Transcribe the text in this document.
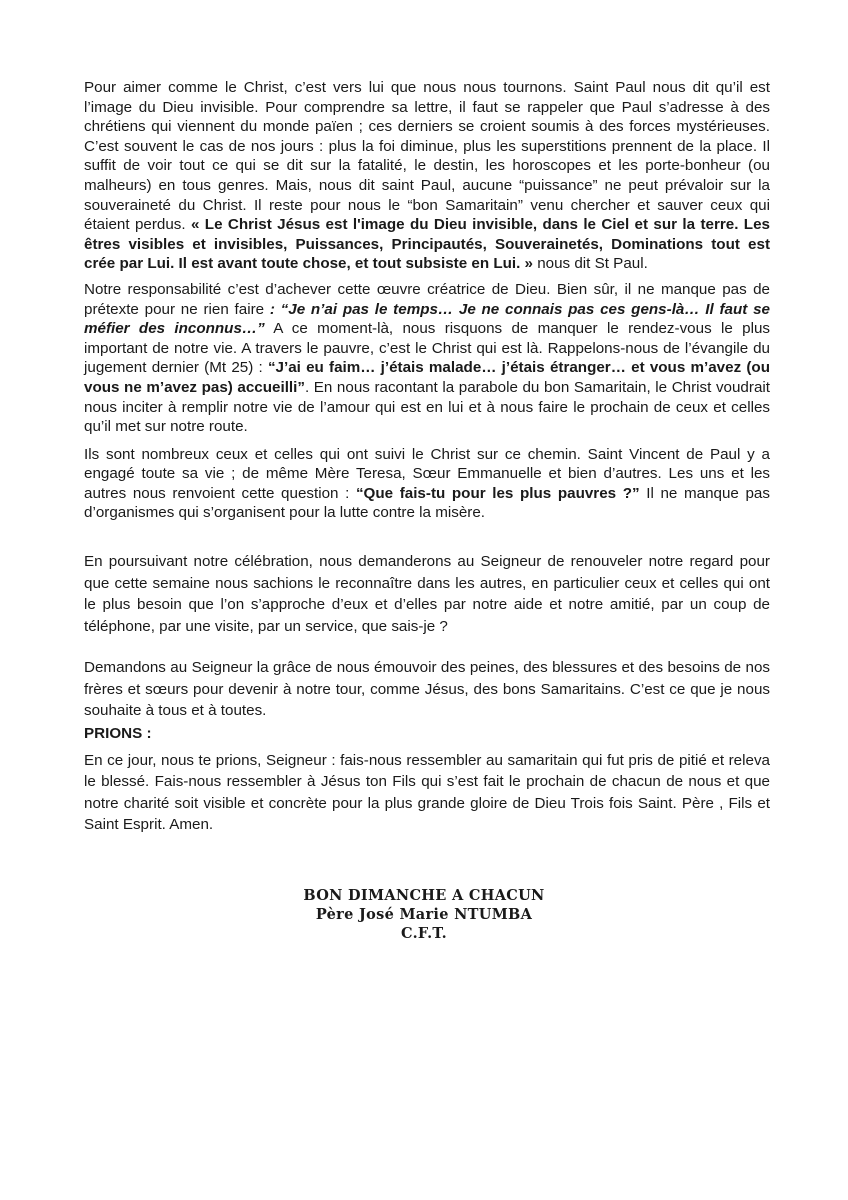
Pour aimer comme le Christ, c’est vers lui que nous nous tournons. Saint Paul nous dit qu’il est l’image du Dieu invisible. Pour comprendre sa lettre, il faut se rappeler que Paul s’adresse à des chrétiens qui viennent du monde païen ; ces derniers se croient soumis à des forces mystérieuses. C’est souvent le cas de nos jours : plus la foi diminue, plus les superstitions prennent de la place. Il suffit de voir tout ce qui se dit sur la fatalité, le destin, les horoscopes et les porte-bonheur (ou malheurs) en tous genres. Mais, nous dit saint Paul, aucune “puissance” ne peut prévaloir sur la souveraineté du Christ. Il reste pour nous le “bon Samaritain” venu chercher et sauver ceux qui étaient perdus. « Le Christ Jésus est l'image du Dieu invisible, dans le Ciel et sur la terre. Les êtres visibles et invisibles, Puissances, Principautés, Souverainetés, Dominations tout est crée par Lui. Il est avant toute chose, et tout subsiste en Lui. » nous dit St Paul.

Notre responsabilité c’est d’achever cette œuvre créatrice de Dieu. Bien sûr, il ne manque pas de prétexte pour ne rien faire : “Je n’ai pas le temps… Je ne connais pas ces gens-là… Il faut se méfier des inconnus…” A ce moment-là, nous risquons de manquer le rendez-vous le plus important de notre vie. A travers le pauvre, c’est le Christ qui est là. Rappelons-nous de l’évangile du jugement dernier (Mt 25) : “J’ai eu faim… j’étais malade… j’étais étranger… et vous m’avez (ou vous ne m’avez pas) accueilli”. En nous racontant la parabole du bon Samaritain, le Christ voudrait nous inciter à remplir notre vie de l’amour qui est en lui et à nous faire le prochain de ceux et celles qu’il met sur notre route.

Ils sont nombreux ceux et celles qui ont suivi le Christ sur ce chemin. Saint Vincent de Paul y a engagé toute sa vie ; de même Mère Teresa, Sœur Emmanuelle et bien d’autres. Les uns et les autres nous renvoient cette question : “Que fais-tu pour les plus pauvres ?” Il ne manque pas d’organismes qui s’organisent pour la lutte contre la misère.

En poursuivant notre célébration, nous demanderons au Seigneur de renouveler notre regard pour que cette semaine nous sachions le reconnaître dans les autres, en particulier ceux et celles qui ont le plus besoin que l’on s’approche d’eux et d’elles par notre aide et notre amitié, par un coup de téléphone, par une visite, par un service, que sais-je ?

Demandons au Seigneur la grâce de nous émouvoir des peines, des blessures et des besoins de nos frères et sœurs pour devenir à notre tour, comme Jésus, des bons Samaritains. C’est ce que je nous souhaite à tous et à toutes.

PRIONS :

En ce jour, nous te prions, Seigneur : fais-nous ressembler au samaritain qui fut pris de pitié et releva le blessé. Fais-nous ressembler à Jésus ton Fils qui s’est fait le prochain de chacun de nous et que notre charité soit visible et concrète pour la plus grande gloire de Dieu Trois fois Saint. Père , Fils et Saint Esprit. Amen.

BON DIMANCHE A CHACUN
Père José Marie NTUMBA
C.F.T.
